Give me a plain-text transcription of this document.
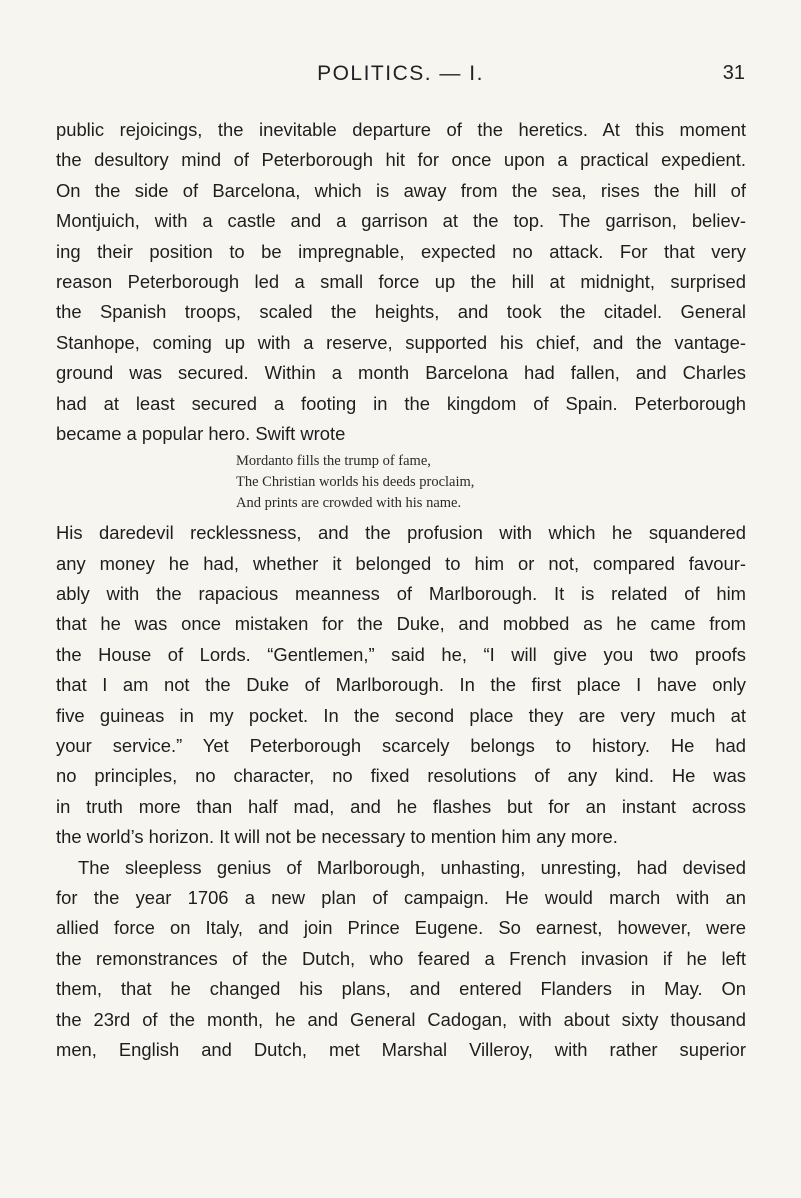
POLITICS. — I.	31
public rejoicings, the inevitable departure of the heretics. At this moment
the desultory mind of Peterborough hit for once upon a practical expedient.
On the side of Barcelona, which is away from the sea, rises the hill of
Montjuich, with a castle and a garrison at the top. The garrison, believ-
ing their position to be impregnable, expected no attack. For that very
reason Peterborough led a small force up the hill at midnight, surprised
the Spanish troops, scaled the heights, and took the citadel. General
Stanhope, coming up with a reserve, supported his chief, and the vantage-
ground was secured. Within a month Barcelona had fallen, and Charles
had at least secured a footing in the kingdom of Spain. Peterborough
became a popular hero. Swift wrote
Mordanto fills the trump of fame,
The Christian worlds his deeds proclaim,
And prints are crowded with his name.
His daredevil recklessness, and the profusion with which he squandered
any money he had, whether it belonged to him or not, compared favour-
ably with the rapacious meanness of Marlborough. It is related of him
that he was once mistaken for the Duke, and mobbed as he came from
the House of Lords. “Gentlemen,” said he, “I will give you two proofs
that I am not the Duke of Marlborough. In the first place I have only
five guineas in my pocket. In the second place they are very much at
your service.” Yet Peterborough scarcely belongs to history. He had
no principles, no character, no fixed resolutions of any kind. He was
in truth more than half mad, and he flashes but for an instant across
the world’s horizon. It will not be necessary to mention him any more.
The sleepless genius of Marlborough, unhasting, unresting, had devised
for the year 1706 a new plan of campaign. He would march with an
allied force on Italy, and join Prince Eugene. So earnest, however, were
the remonstrances of the Dutch, who feared a French invasion if he left
them, that he changed his plans, and entered Flanders in May. On
the 23rd of the month, he and General Cadogan, with about sixty thousand
men, English and Dutch, met Marshal Villeroy, with rather superior
